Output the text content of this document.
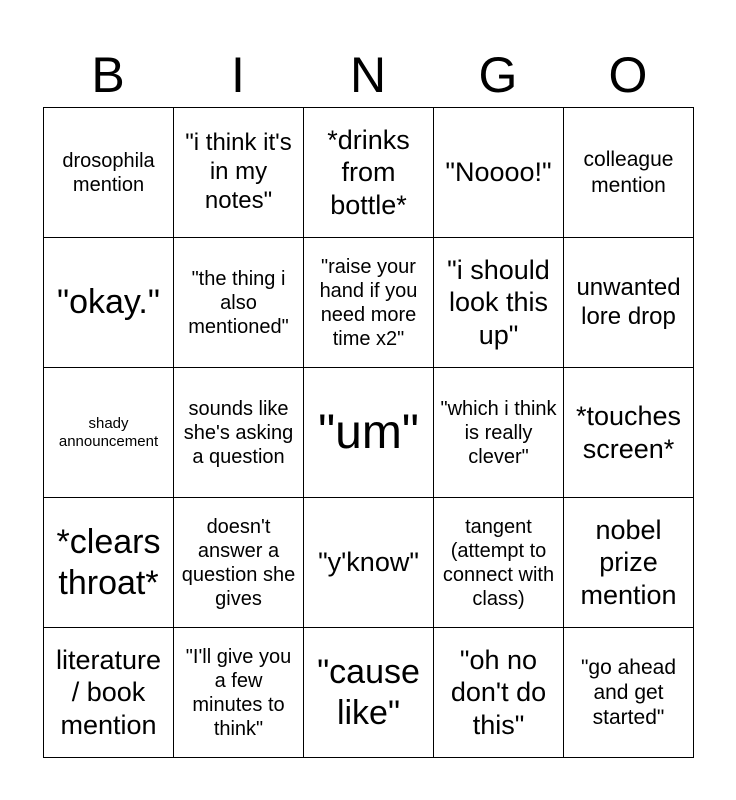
B	I	N	G	O
drosophila mention	"i think it's in my notes"	*drinks from bottle*	"Noooo!"	colleague mention

"okay."	"the thing i also mentioned"	"raise your hand if you need more time x2"	"i should look this up"	unwanted lore drop

shady announcement	sounds like she's asking a question	"um"	"which i think is really clever"	*touches screen*

*clears throat*	doesn't answer a question she gives	"y'know"	tangent (attempt to connect with class)	nobel prize mention

literature / book mention	"I'll give you a few minutes to think"	"cause like"	"oh no don't do this"	"go ahead and get started"
